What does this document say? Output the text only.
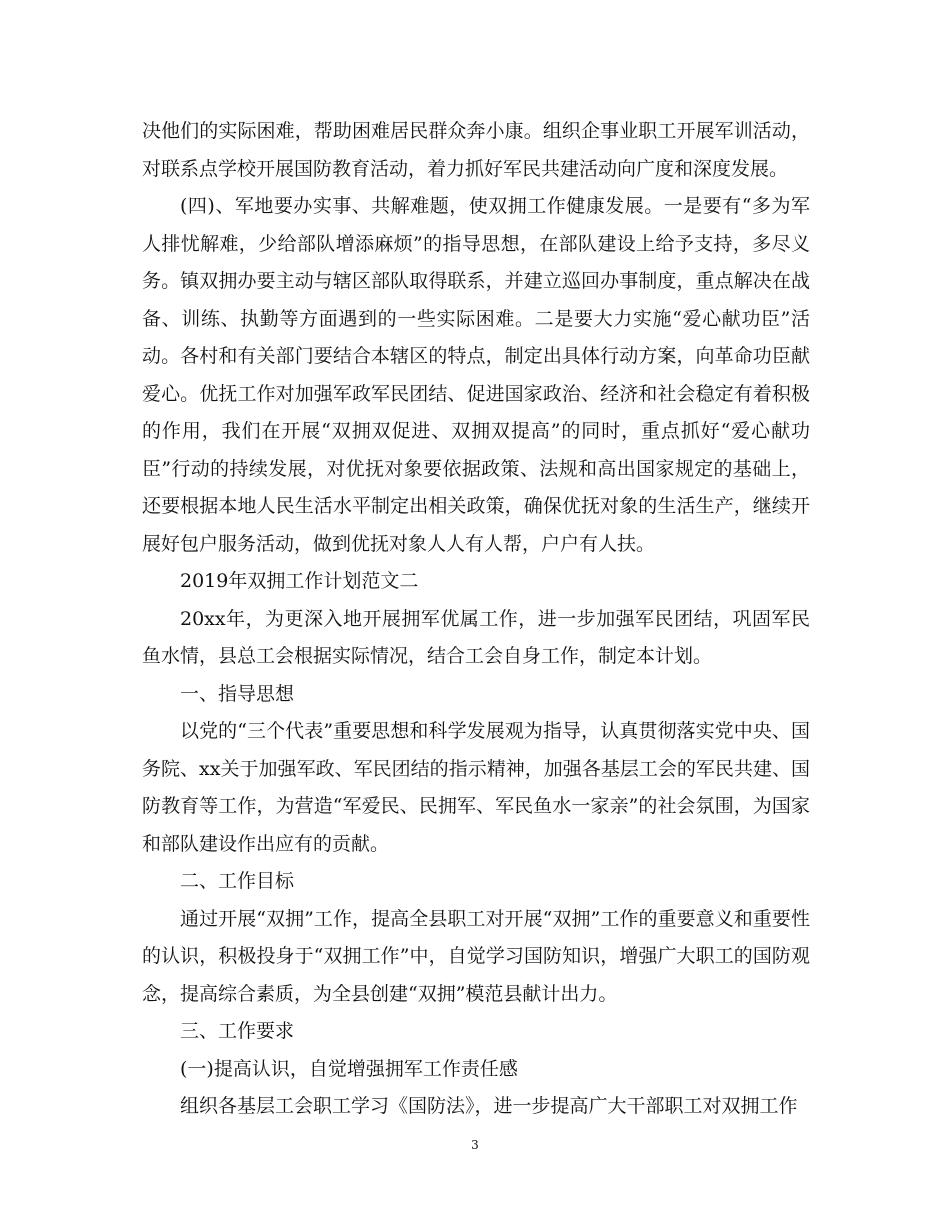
决他们的实际困难，帮助困难居民群众奔小康。组织企事业职工开展军训活动，对联系点学校开展国防教育活动，着力抓好军民共建活动向广度和深度发展。

(四)、军地要办实事、共解难题，使双拥工作健康发展。一是要有“多为军人排忧解难，少给部队增添麻烦”的指导思想，在部队建设上给予支持，多尽义务。镇双拥办要主动与辖区部队取得联系，并建立巡回办事制度，重点解决在战备、训练、执勤等方面遇到的一些实际困难。二是要大力实施“爱心献功臣”活动。各村和有关部门要结合本辖区的特点，制定出具体行动方案，向革命功臣献爱心。优抚工作对加强军政军民团结、促进国家政治、经济和社会稳定有着积极的作用，我们在开展“双拥双促进、双拥双提高”的同时，重点抓好“爱心献功臣”行动的持续发展，对优抚对象要依据政策、法规和高出国家规定的基础上，还要根据本地人民生活水平制定出相关政策，确保优抚对象的生活生产，继续开展好包户服务活动，做到优抚对象人人有人帮，户户有人扶。

2019年双拥工作计划范文二

20xx年，为更深入地开展拥军优属工作，进一步加强军民团结，巩固军民鱼水情，县总工会根据实际情况，结合工会自身工作，制定本计划。

一、指导思想

以党的“三个代表”重要思想和科学发展观为指导，认真贯彻落实党中央、国务院、xx关于加强军政、军民团结的指示精神，加强各基层工会的军民共建、国防教育等工作，为营造“军爱民、民拥军、军民鱼水一家亲”的社会氛围，为国家和部队建设作出应有的贡献。

二、工作目标

通过开展“双拥”工作，提高全县职工对开展“双拥”工作的重要意义和重要性的认识，积极投身于“双拥工作”中，自觉学习国防知识，增强广大职工的国防观念，提高综合素质，为全县创建“双拥”模范县献计出力。

三、工作要求

(一)提高认识，自觉增强拥军工作责任感

组织各基层工会职工学习《国防法》，进一步提高广大干部职工对双拥工作

3
